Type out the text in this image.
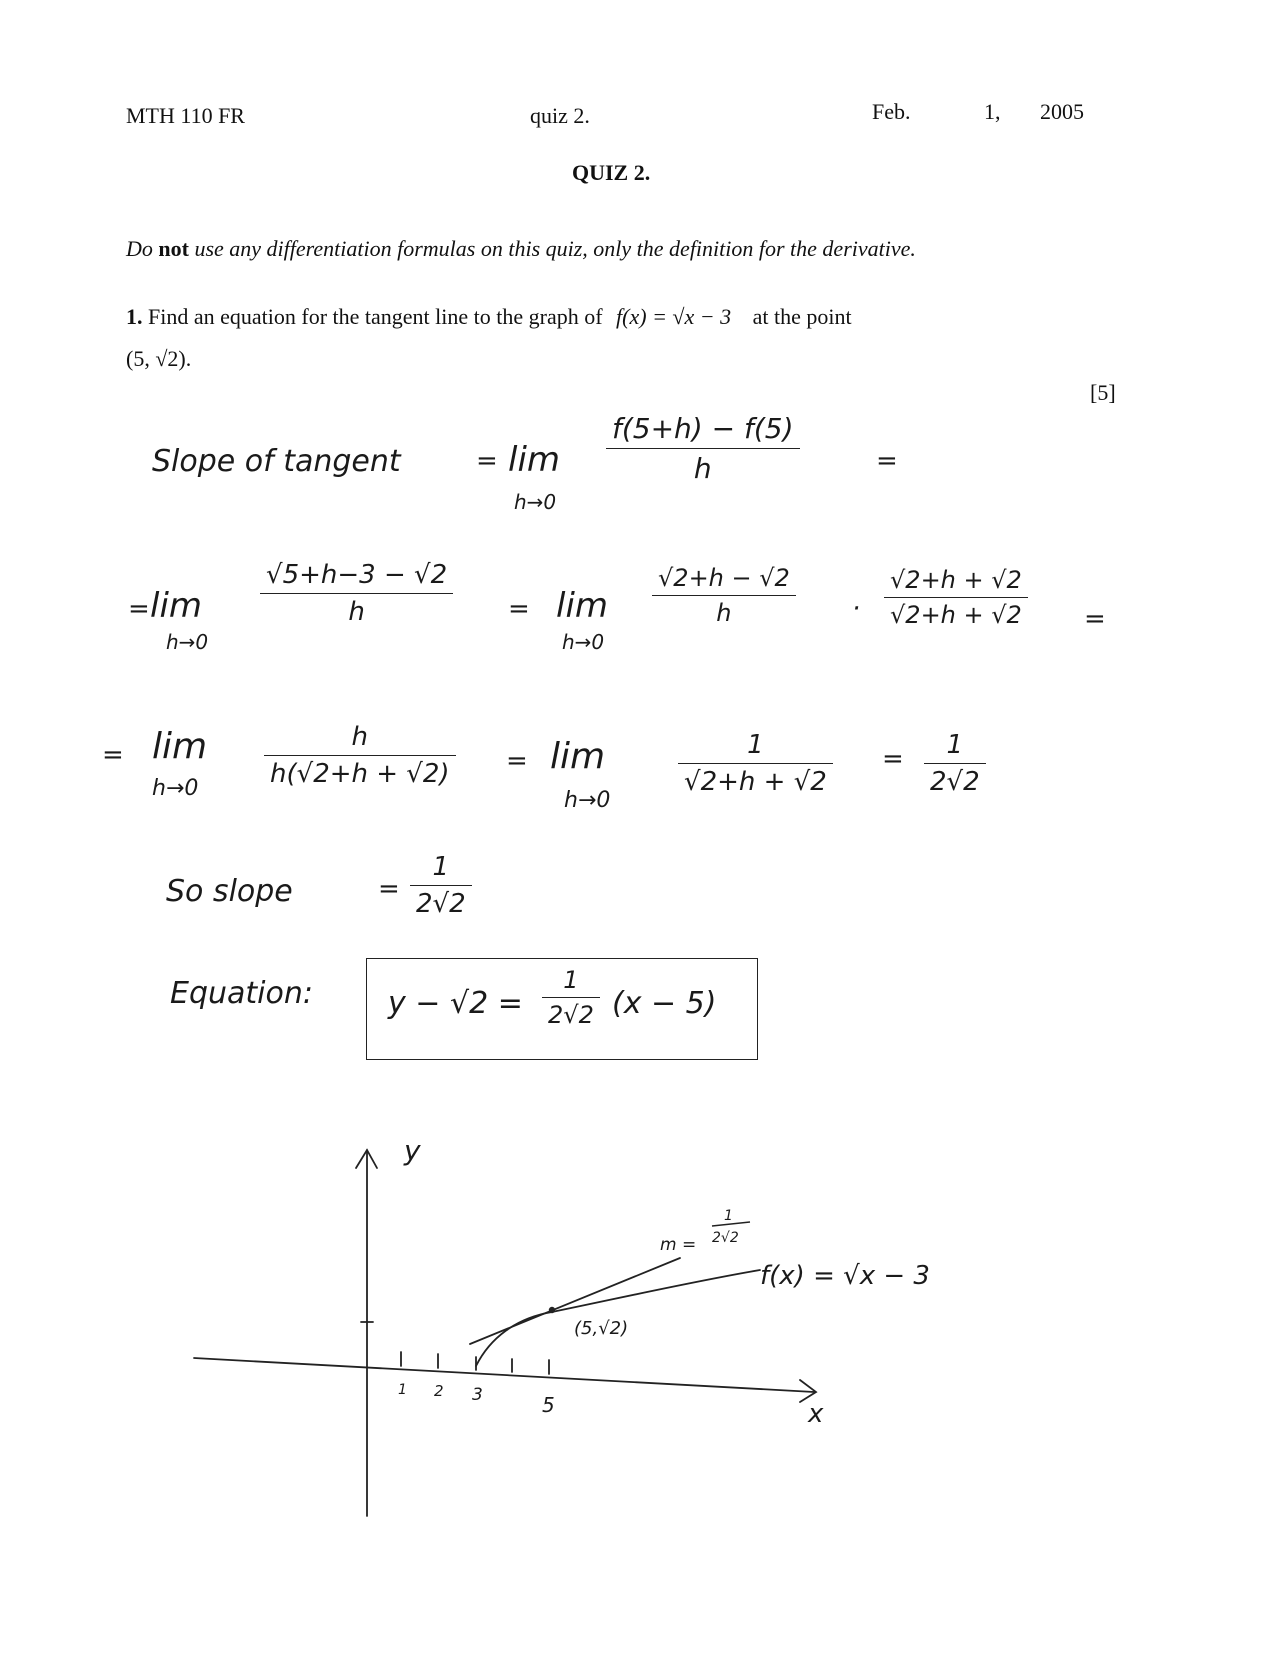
MTH 110 FR	quiz 2.	Feb.	1, 2005
QUIZ 2.
Do not use any differentiation formulas on this quiz, only the definition for the derivative.
1. Find an equation for the tangent line to the graph of f(x) = √x − 3 at the point
(5, √2).
[5]
Slope of tangent	= lim
h→0
$\frac{f(5+h) - f(5)}{h}$	=
= lim
h→0
$\frac{√5+h-3 - √2}{h} = \lim$
h→0
$\frac{√2+h - √2}{h} \cdot \frac{√2+h + √2}{√2+h + √2}$ =
= lim
h→0	$\frac{h}{h(√2+h + √2)} = \lim$
h→0
$\frac{1}{√2+h + √2} = \frac{1}{2√2}$
So slope	= $\frac{1}{2√2}$
Equation:	$y - √2 = \frac{1}{2√2} (x - 5)$
y
x
1 2 3	5
(5,√2)
m =
1
2√2
f(x) = √x − 3
